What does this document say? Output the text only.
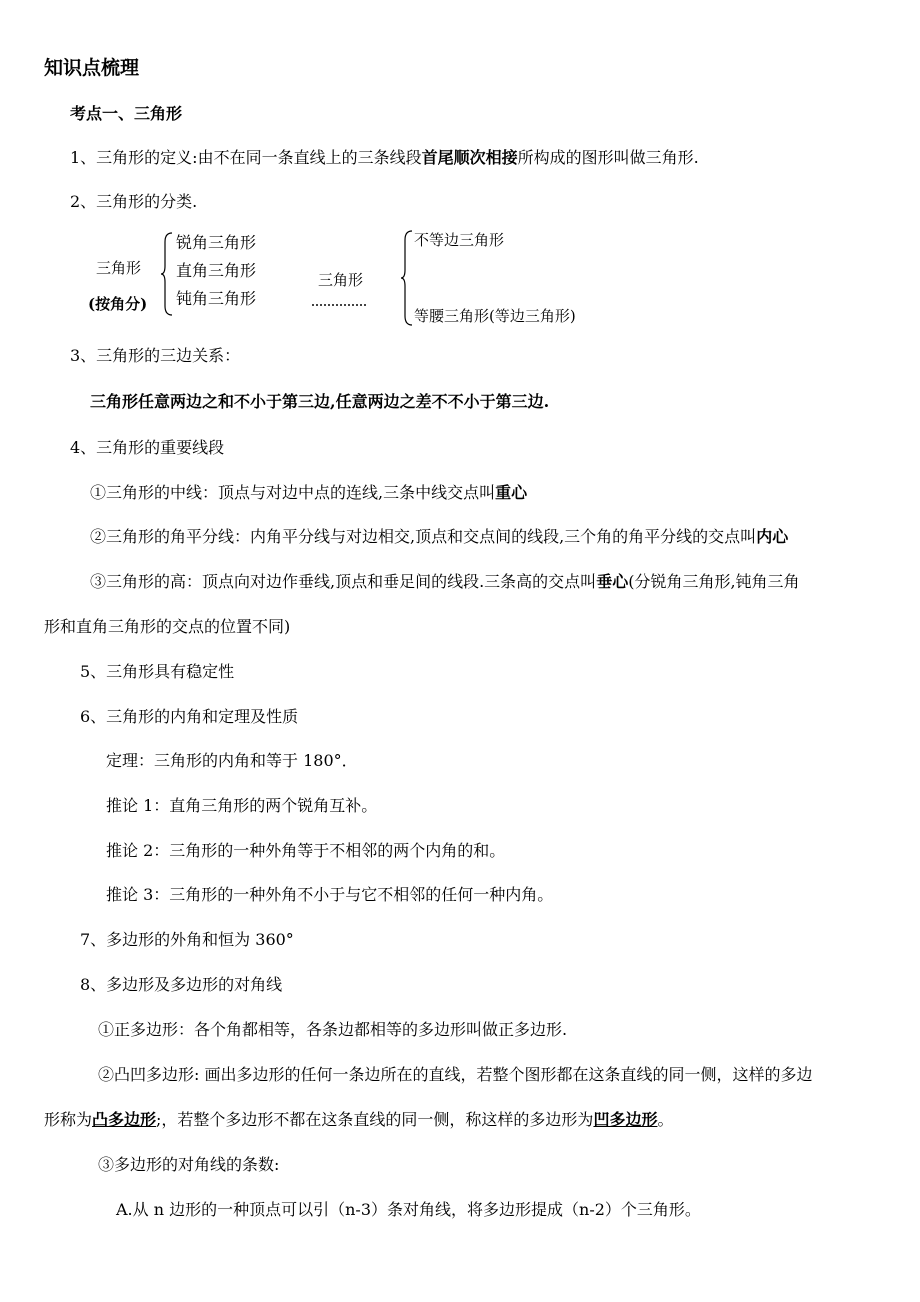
知识点梳理
考点一、三角形
1、三角形的定义:由不在同一条直线上的三条线段首尾顺次相接所构成的图形叫做三角形.
2、三角形的分类.
三角形
(按角分)
锐角三角形
直角三角形
钝角三角形
三角形
不等边三角形
等腰三角形(等边三角形)
3、三角形的三边关系：
三角形任意两边之和不小于第三边,任意两边之差不不小于第三边.
4、三角形的重要线段
①三角形的中线：顶点与对边中点的连线,三条中线交点叫重心
②三角形的角平分线：内角平分线与对边相交,顶点和交点间的线段,三个角的角平分线的交点叫内心
③三角形的高：顶点向对边作垂线,顶点和垂足间的线段.三条高的交点叫垂心(分锐角三角形,钝角三角
形和直角三角形的交点的位置不同)
5、三角形具有稳定性
6、三角形的内角和定理及性质
定理：三角形的内角和等于 180°．
推论 1：直角三角形的两个锐角互补。
推论 2：三角形的一种外角等于不相邻的两个内角的和。
推论 3：三角形的一种外角不小于与它不相邻的任何一种内角。
7、多边形的外角和恒为 360°
8、多边形及多边形的对角线
①正多边形：各个角都相等，各条边都相等的多边形叫做正多边形.
②凸凹多边形: 画出多边形的任何一条边所在的直线，若整个图形都在这条直线的同一侧，这样的多边
形称为凸多边形;，若整个多边形不都在这条直线的同一侧，称这样的多边形为凹多边形。
③多边形的对角线的条数:
A.从 n 边形的一种顶点可以引（n-3）条对角线，将多边形提成（n-2）个三角形。
